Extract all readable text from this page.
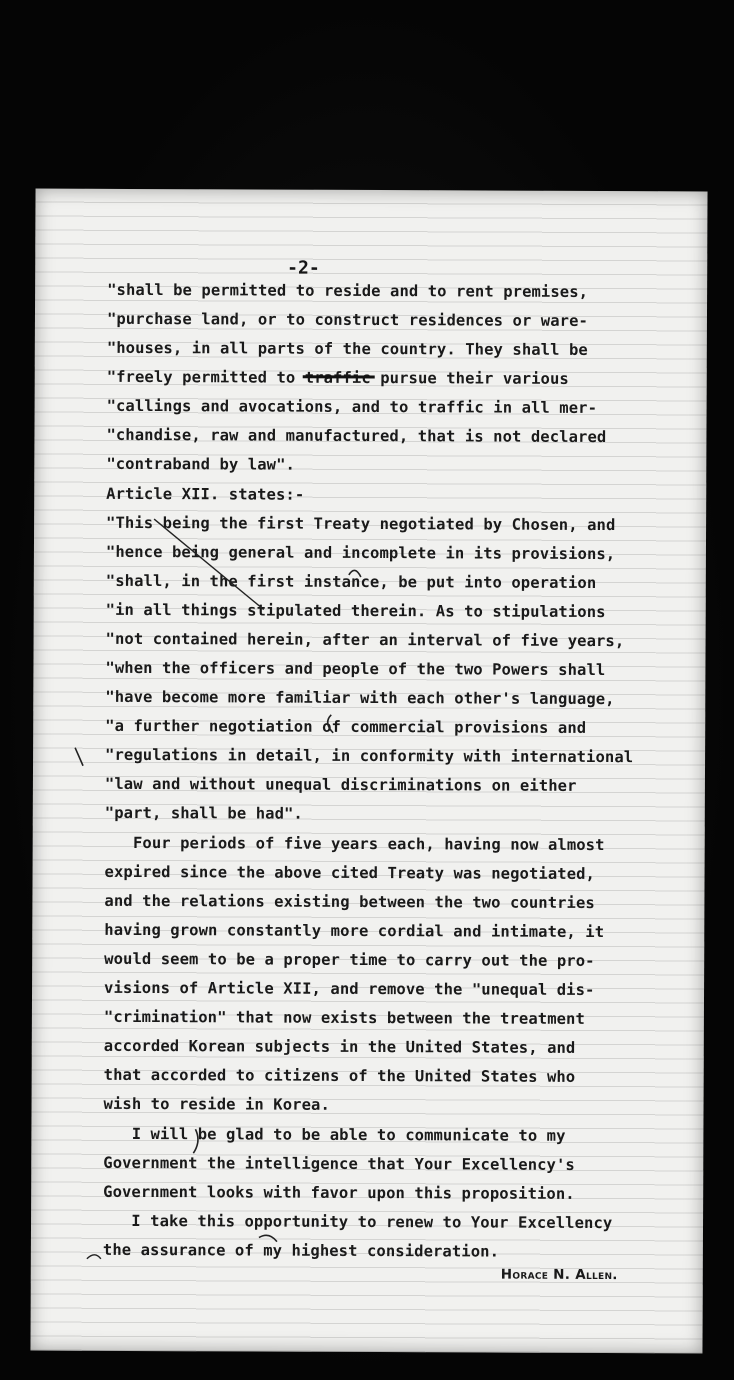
-2-
"shall be permitted to reside and to rent premises,
"purchase land, or to construct residences or ware-
"houses, in all parts of the country. They shall be
"freely permitted to traffic pursue their various
"callings and avocations, and to traffic in all mer-
"chandise, raw and manufactured, that is not declared
"contraband by law".
Article XII. states:-
"This being the first Treaty negotiated by Chosen, and
"hence being general and incomplete in its provisions,
"shall, in the first instance, be put into operation
"in all things stipulated therein. As to stipulations
"not contained herein, after an interval of five years,
"when the officers and people of the two Powers shall
"have become more familiar with each other's language,
"a further negotiation of commercial provisions and
"regulations in detail, in conformity with international
"law and without unequal discriminations on either
"part, shall be had".
Four periods of five years each, having now almost
expired since the above cited Treaty was negotiated,
and the relations existing between the two countries
having grown constantly more cordial and intimate, it
would seem to be a proper time to carry out the pro-
visions of Article XII, and remove the "unequal dis-
"crimination" that now exists between the treatment
accorded Korean subjects in the United States, and
that accorded to citizens of the United States who
wish to reside in Korea.
I will be glad to be able to communicate to my
Government the intelligence that Your Excellency's
Government looks with favor upon this proposition.
I take this opportunity to renew to Your Excellency
the assurance of my highest consideration.
Horace N. Allen.
